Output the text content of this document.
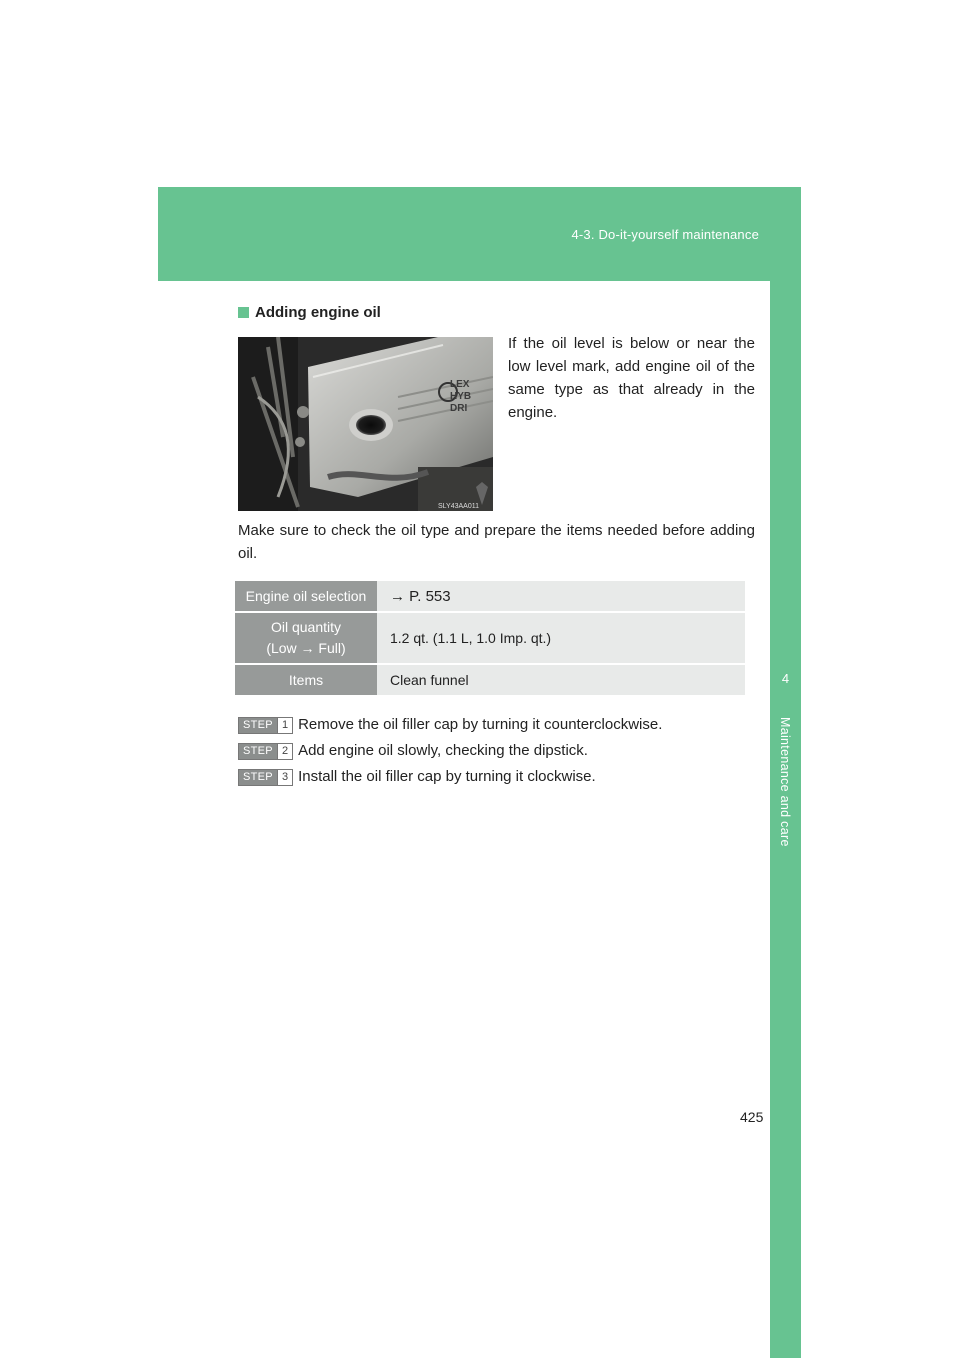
4-3. Do-it-yourself maintenance
4
Maintenance and care
Adding engine oil
LEX
HYB
DRI
SLY43AA011

If the oil level is below or near the low level mark, add engine oil of the same type as that already in the engine.

Make sure to check the oil type and prepare the items needed before adding oil.

Engine oil selection	→ P. 553

Oil quantity
(Low → Full)	1.2 qt. (1.1 L, 1.0 Imp. qt.)
Items	Clean funnel
STEP 1 Remove the oil filler cap by turning it counterclockwise.
STEP 2 Add engine oil slowly, checking the dipstick.
STEP 3 Install the oil filler cap by turning it clockwise.
425
